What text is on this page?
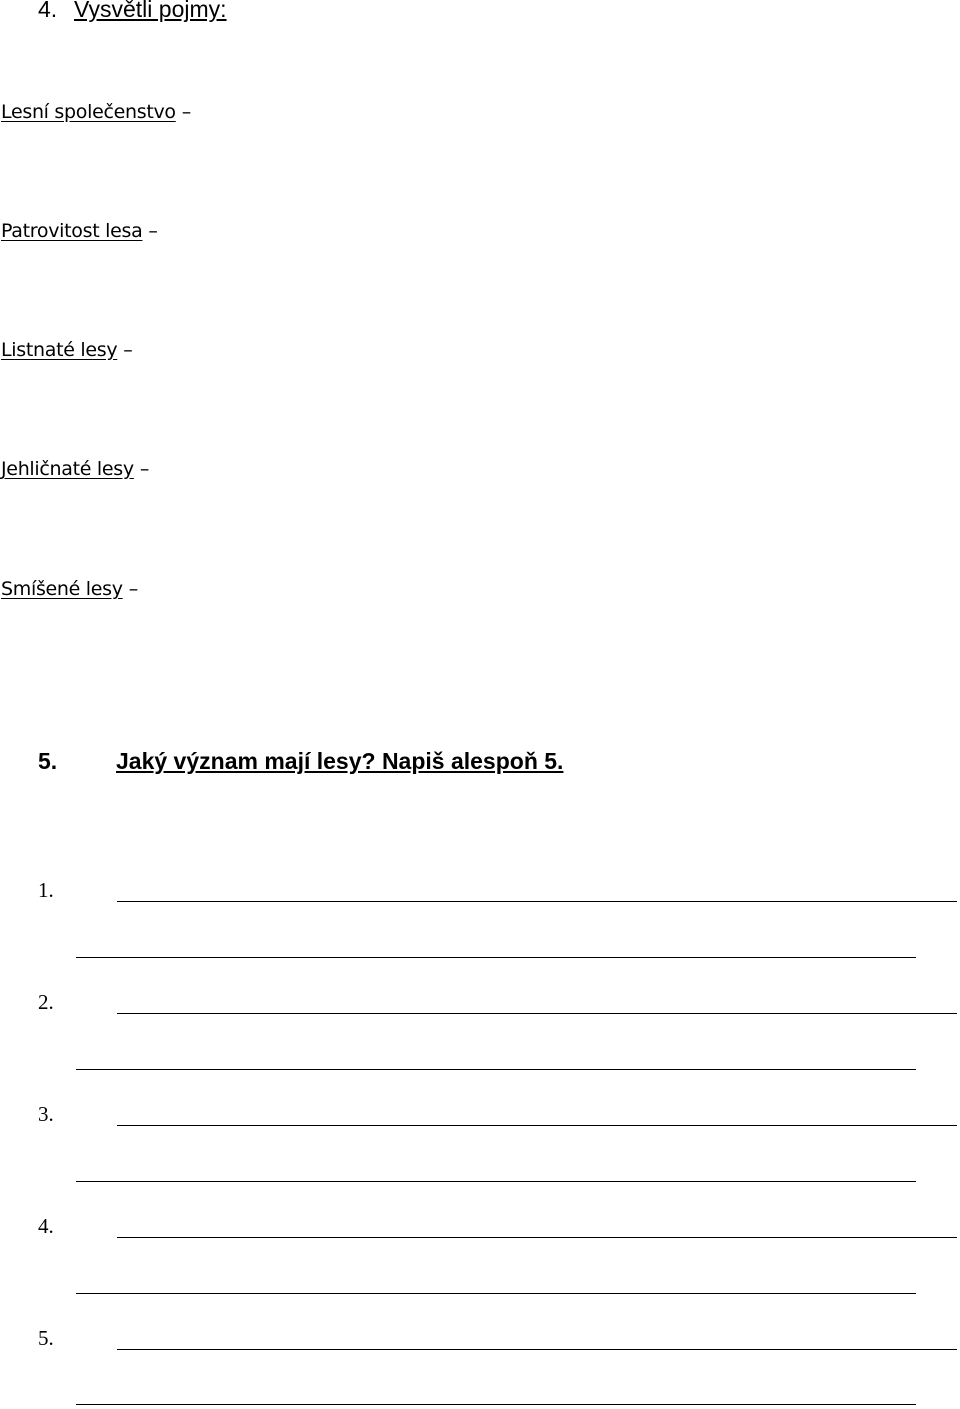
4. Vysvětli pojmy:
Lesní společenstvo –
Patrovitost lesa –
Listnaté lesy –
Jehličnaté lesy –
Smíšené lesy –
5.	Jaký význam mají lesy? Napiš alespoň 5.
1.
2.
3.
4.
5.
